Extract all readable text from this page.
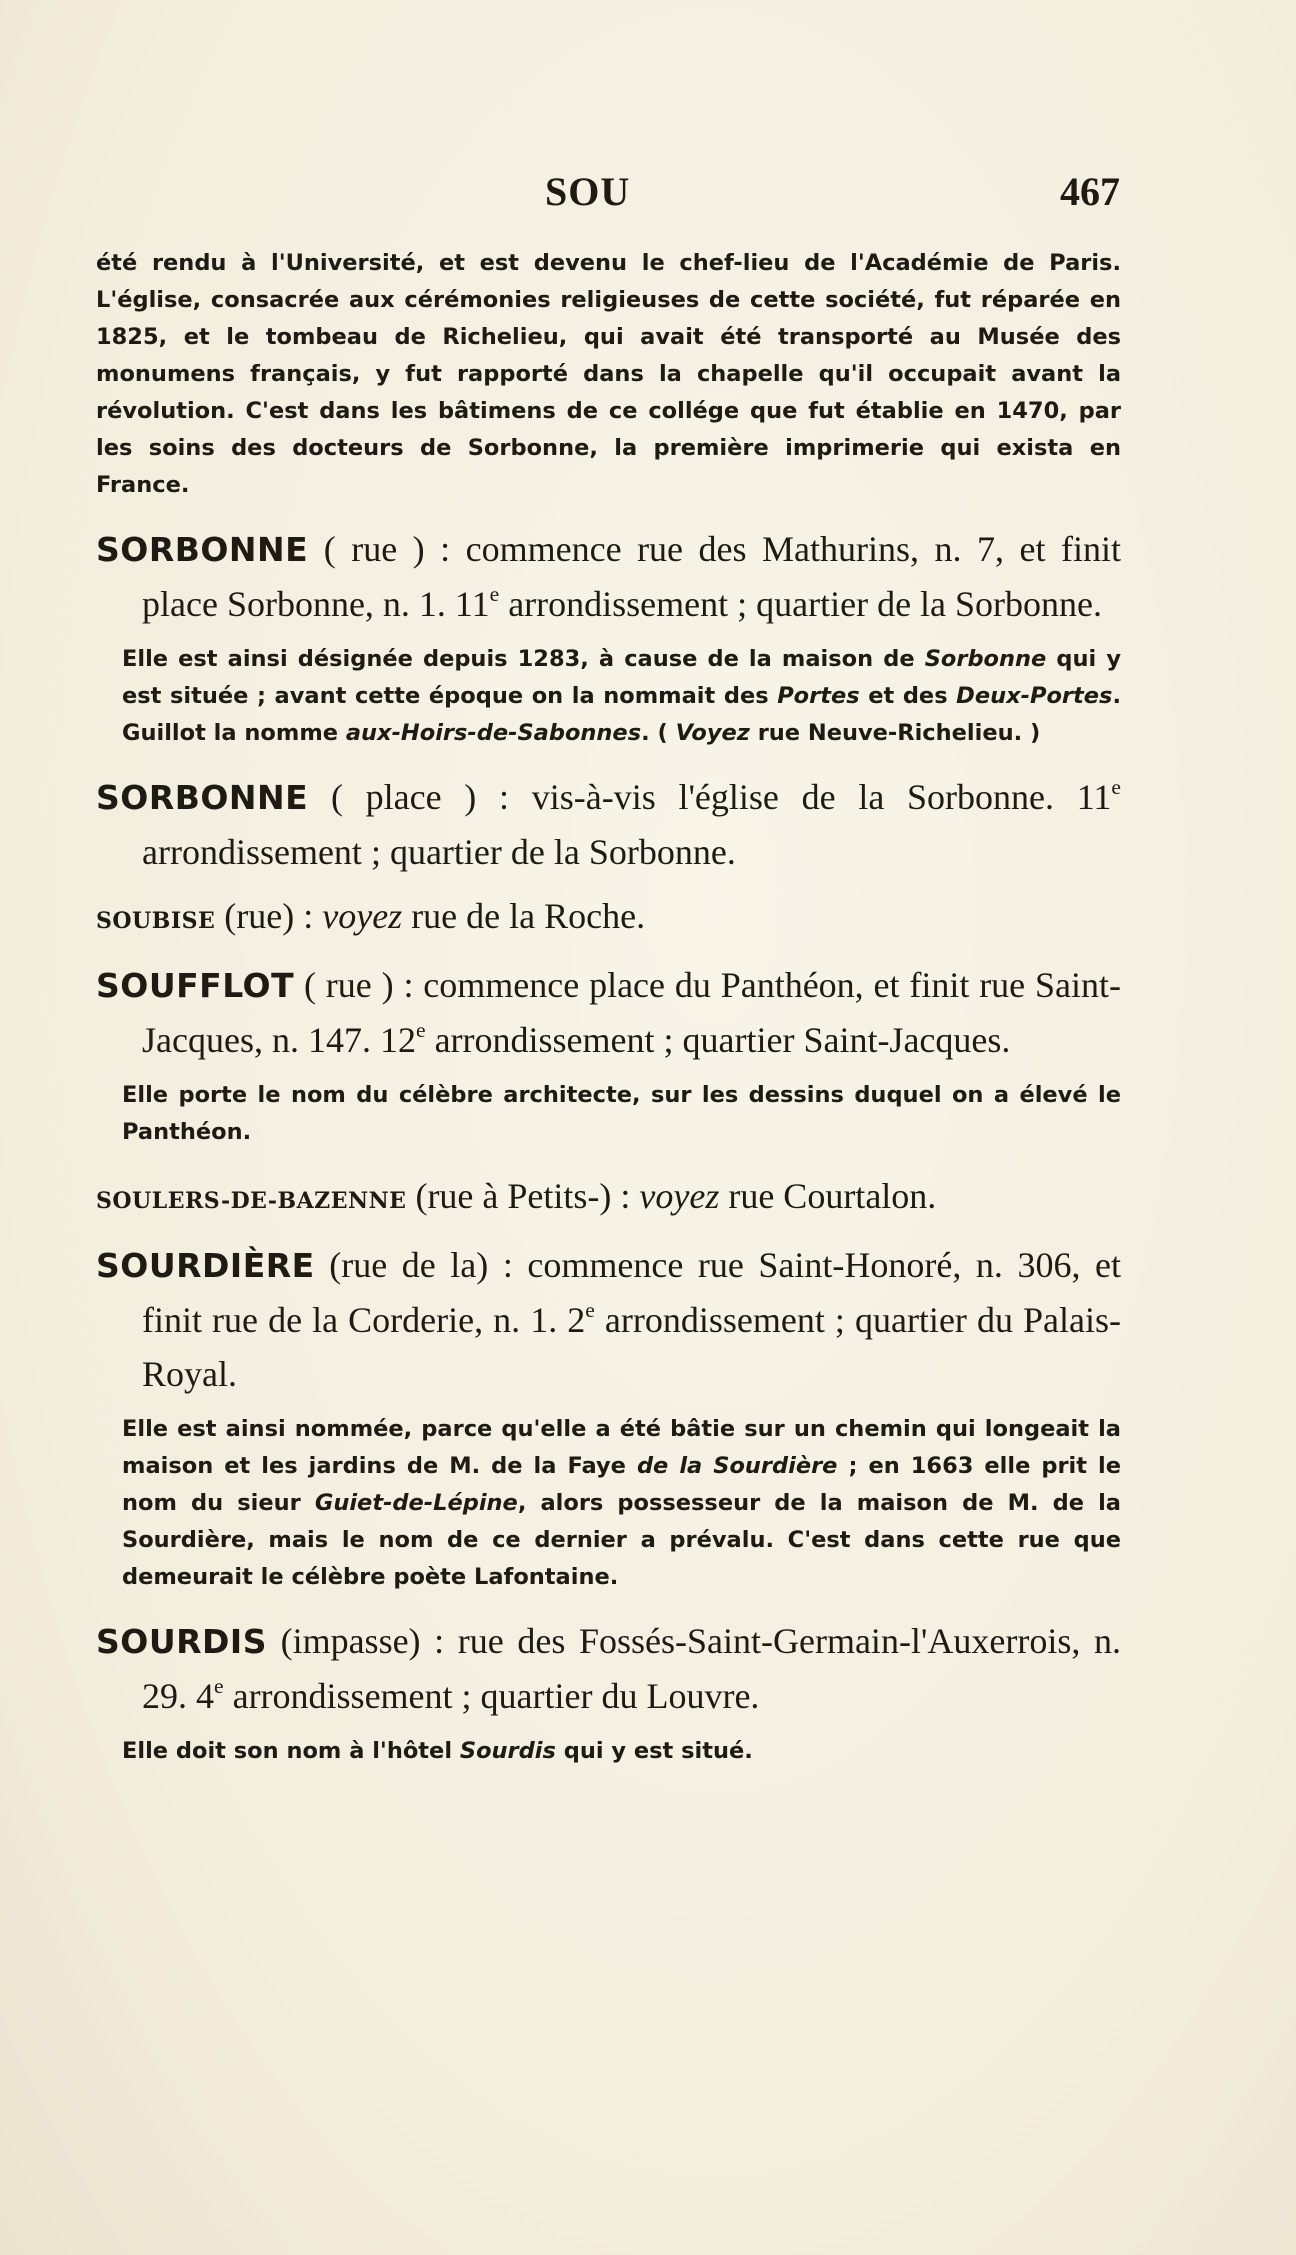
SOU	467

été rendu à l'Université, et est devenu le chef-lieu de l'Académie de Paris. L'église, consacrée aux cérémonies religieuses de cette société, fut réparée en 1825, et le tombeau de Richelieu, qui avait été transporté au Musée des monumens français, y fut rapporté dans la chapelle qu'il occupait avant la révolution. C'est dans les bâtimens de ce collége que fut établie en 1470, par les soins des docteurs de Sorbonne, la première imprimerie qui exista en France.

SORBONNE ( rue ) : commence rue des Mathurins, n. 7, et finit place Sorbonne, n. 1. 11e arrondissement ; quartier de la Sorbonne.

Elle est ainsi désignée depuis 1283, à cause de la maison de Sorbonne qui y est située ; avant cette époque on la nommait des Portes et des Deux-Portes. Guillot la nomme aux-Hoirs-de-Sabonnes. ( Voyez rue Neuve-Richelieu. )

SORBONNE ( place ) : vis-à-vis l'église de la Sorbonne. 11e arrondissement ; quartier de la Sorbonne.

SOUBISE (rue) : voyez rue de la Roche.

SOUFFLOT ( rue ) : commence place du Panthéon, et finit rue Saint-Jacques, n. 147. 12e arrondissement ; quartier Saint-Jacques.

Elle porte le nom du célèbre architecte, sur les dessins duquel on a élevé le Panthéon.

SOULERS-DE-BAZENNE (rue à Petits-) : voyez rue Courtalon.

SOURDIÈRE (rue de la) : commence rue Saint-Honoré, n. 306, et finit rue de la Corderie, n. 1. 2e arrondissement ; quartier du Palais-Royal.

Elle est ainsi nommée, parce qu'elle a été bâtie sur un chemin qui longeait la maison et les jardins de M. de la Faye de la Sourdière ; en 1663 elle prit le nom du sieur Guiet-de-Lépine, alors possesseur de la maison de M. de la Sourdière, mais le nom de ce dernier a prévalu. C'est dans cette rue que demeurait le célèbre poète Lafontaine.

SOURDIS (impasse) : rue des Fossés-Saint-Germain-l'Auxerrois, n. 29. 4e arrondissement ; quartier du Louvre.

Elle doit son nom à l'hôtel Sourdis qui y est situé.
